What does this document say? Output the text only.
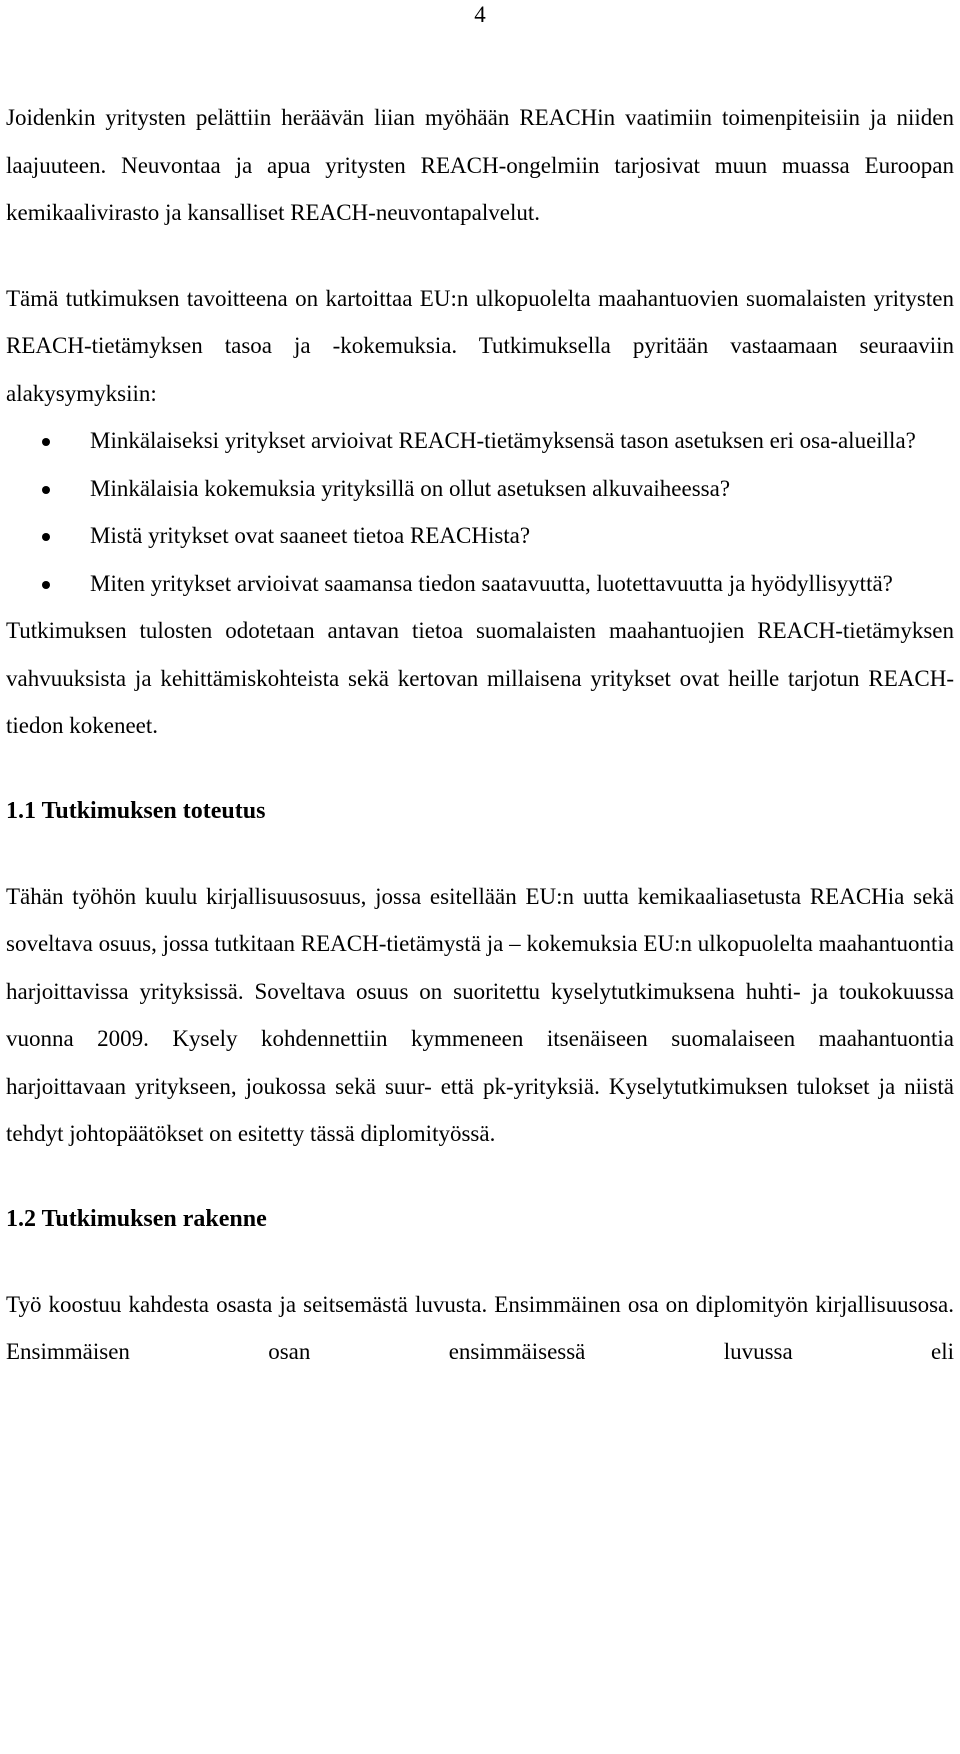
4

Joidenkin yritysten pelättiin heräävän liian myöhään REACHin vaatimiin toimenpiteisiin ja niiden laajuuteen. Neuvontaa ja apua yritysten REACH-ongelmiin tarjosivat muun muassa Euroopan kemikaalivirasto ja kansalliset REACH-neuvontapalvelut.

Tämä tutkimuksen tavoitteena on kartoittaa EU:n ulkopuolelta maahantuovien suomalaisten yritysten REACH-tietämyksen tasoa ja -kokemuksia. Tutkimuksella pyritään vastaamaan seuraaviin alakysymyksiin:

Minkälaiseksi yritykset arvioivat REACH-tietämyksensä tason asetuksen eri osa-alueilla?
Minkälaisia kokemuksia yrityksillä on ollut asetuksen alkuvaiheessa?
Mistä yritykset ovat saaneet tietoa REACHista?
Miten yritykset arvioivat saamansa tiedon saatavuutta, luotettavuutta ja hyödyllisyyttä?

Tutkimuksen tulosten odotetaan antavan tietoa suomalaisten maahantuojien REACH-tietämyksen vahvuuksista ja kehittämiskohteista sekä kertovan millaisena yritykset ovat heille tarjotun REACH-tiedon kokeneet.

1.1 Tutkimuksen toteutus

Tähän työhön kuulu kirjallisuusosuus, jossa esitellään EU:n uutta kemikaaliasetusta REACHia sekä soveltava osuus, jossa tutkitaan REACH-tietämystä ja – kokemuksia EU:n ulkopuolelta maahantuontia harjoittavissa yrityksissä. Soveltava osuus on suoritettu kyselytutkimuksena huhti- ja toukokuussa vuonna 2009. Kysely kohdennettiin kymmeneen itsenäiseen suomalaiseen maahantuontia harjoittavaan yritykseen, joukossa sekä suur- että pk-yrityksiä. Kyselytutkimuksen tulokset ja niistä tehdyt johtopäätökset on esitetty tässä diplomityössä.

1.2 Tutkimuksen rakenne

Työ koostuu kahdesta osasta ja seitsemästä luvusta. Ensimmäinen osa on diplomityön kirjallisuusosa. Ensimmäisen osan ensimmäisessä luvussa eli
